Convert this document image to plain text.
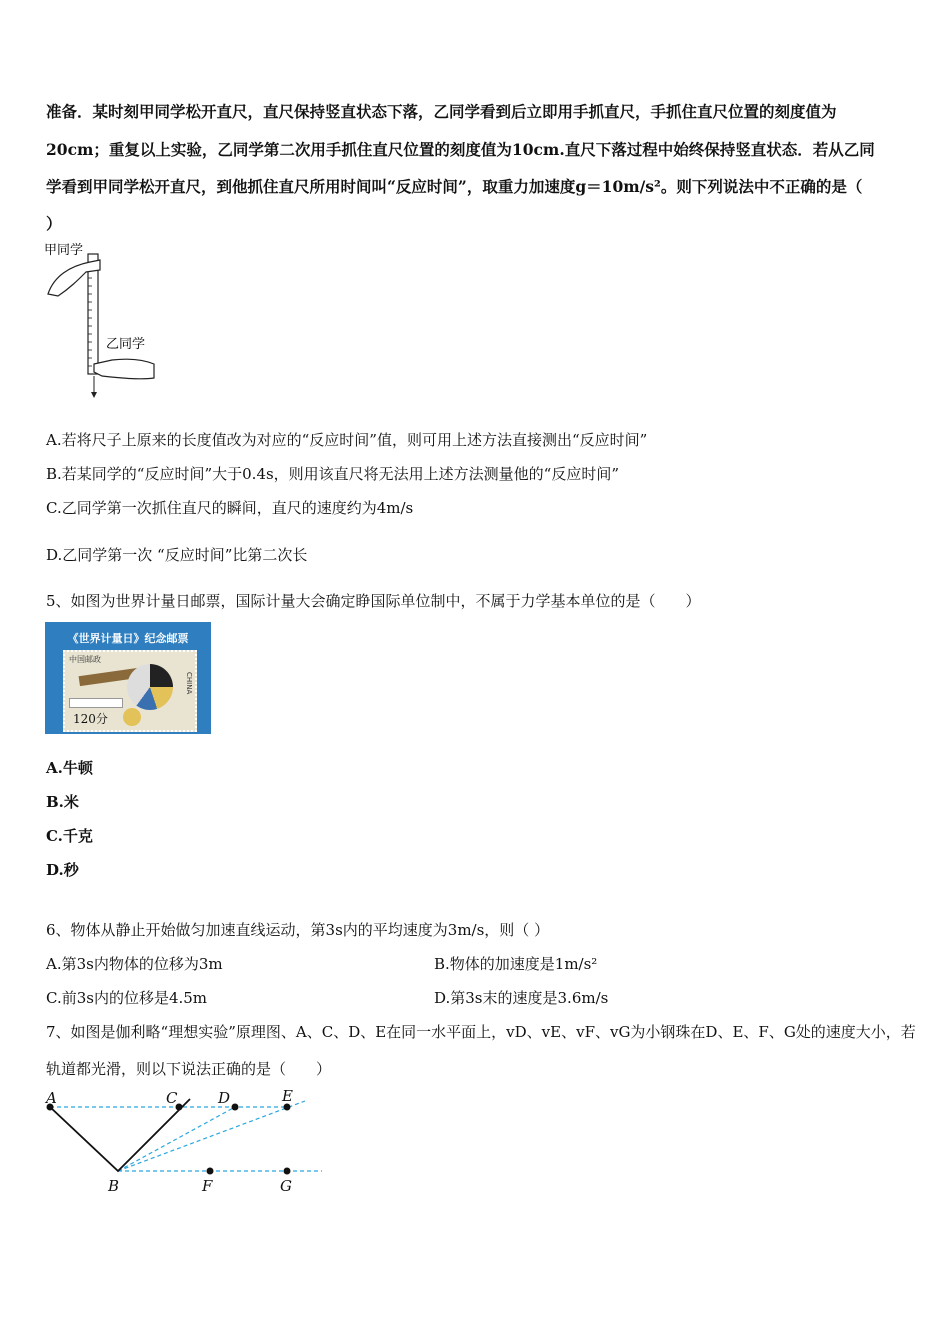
准备．某时刻甲同学松开直尺，直尺保持竖直状态下落，乙同学看到后立即用手抓直尺，手抓住直尺位置的刻度值为
20cm；重复以上实验，乙同学第二次用手抓住直尺位置的刻度值为10cm.直尺下落过程中始终保持竖直状态．若从乙同
学看到甲同学松开直尺，到他抓住直尺所用时间叫“反应时间”，取重力加速度g＝10m/s²。则下列说法中不正确的是（
）
甲同学
乙同学
A.若将尺子上原来的长度值改为对应的“反应时间”值，则可用上述方法直接测出“反应时间”
B.若某同学的“反应时间”大于0.4s，则用该直尺将无法用上述方法测量他的“反应时间”
C.乙同学第一次抓住直尺的瞬间，直尺的速度约为4m/s
D.乙同学第一次 “反应时间”比第二次长
5、如图为世界计量日邮票，国际计量大会确定睁国际单位制中，不属于力学基本单位的是（　　）
《世界计量日》纪念邮票
中国邮政
CHINA
120分
A.牛顿
B.米
C.千克
D.秒
6、物体从静止开始做匀加速直线运动，第3s内的平均速度为3m/s，则（ ）
A.第3s内物体的位移为3m	B.物体的加速度是1m/s²
C.前3s内的位移是4.5m	D.第3s末的速度是3.6m/s
7、如图是伽利略“理想实验”原理图、A、C、D、E在同一水平面上，vD、vE、vF、vG为小钢珠在D、E、F、G处的速度大小，若
轨道都光滑，则以下说法正确的是（　　）
A	C	D	E
B	F	G
